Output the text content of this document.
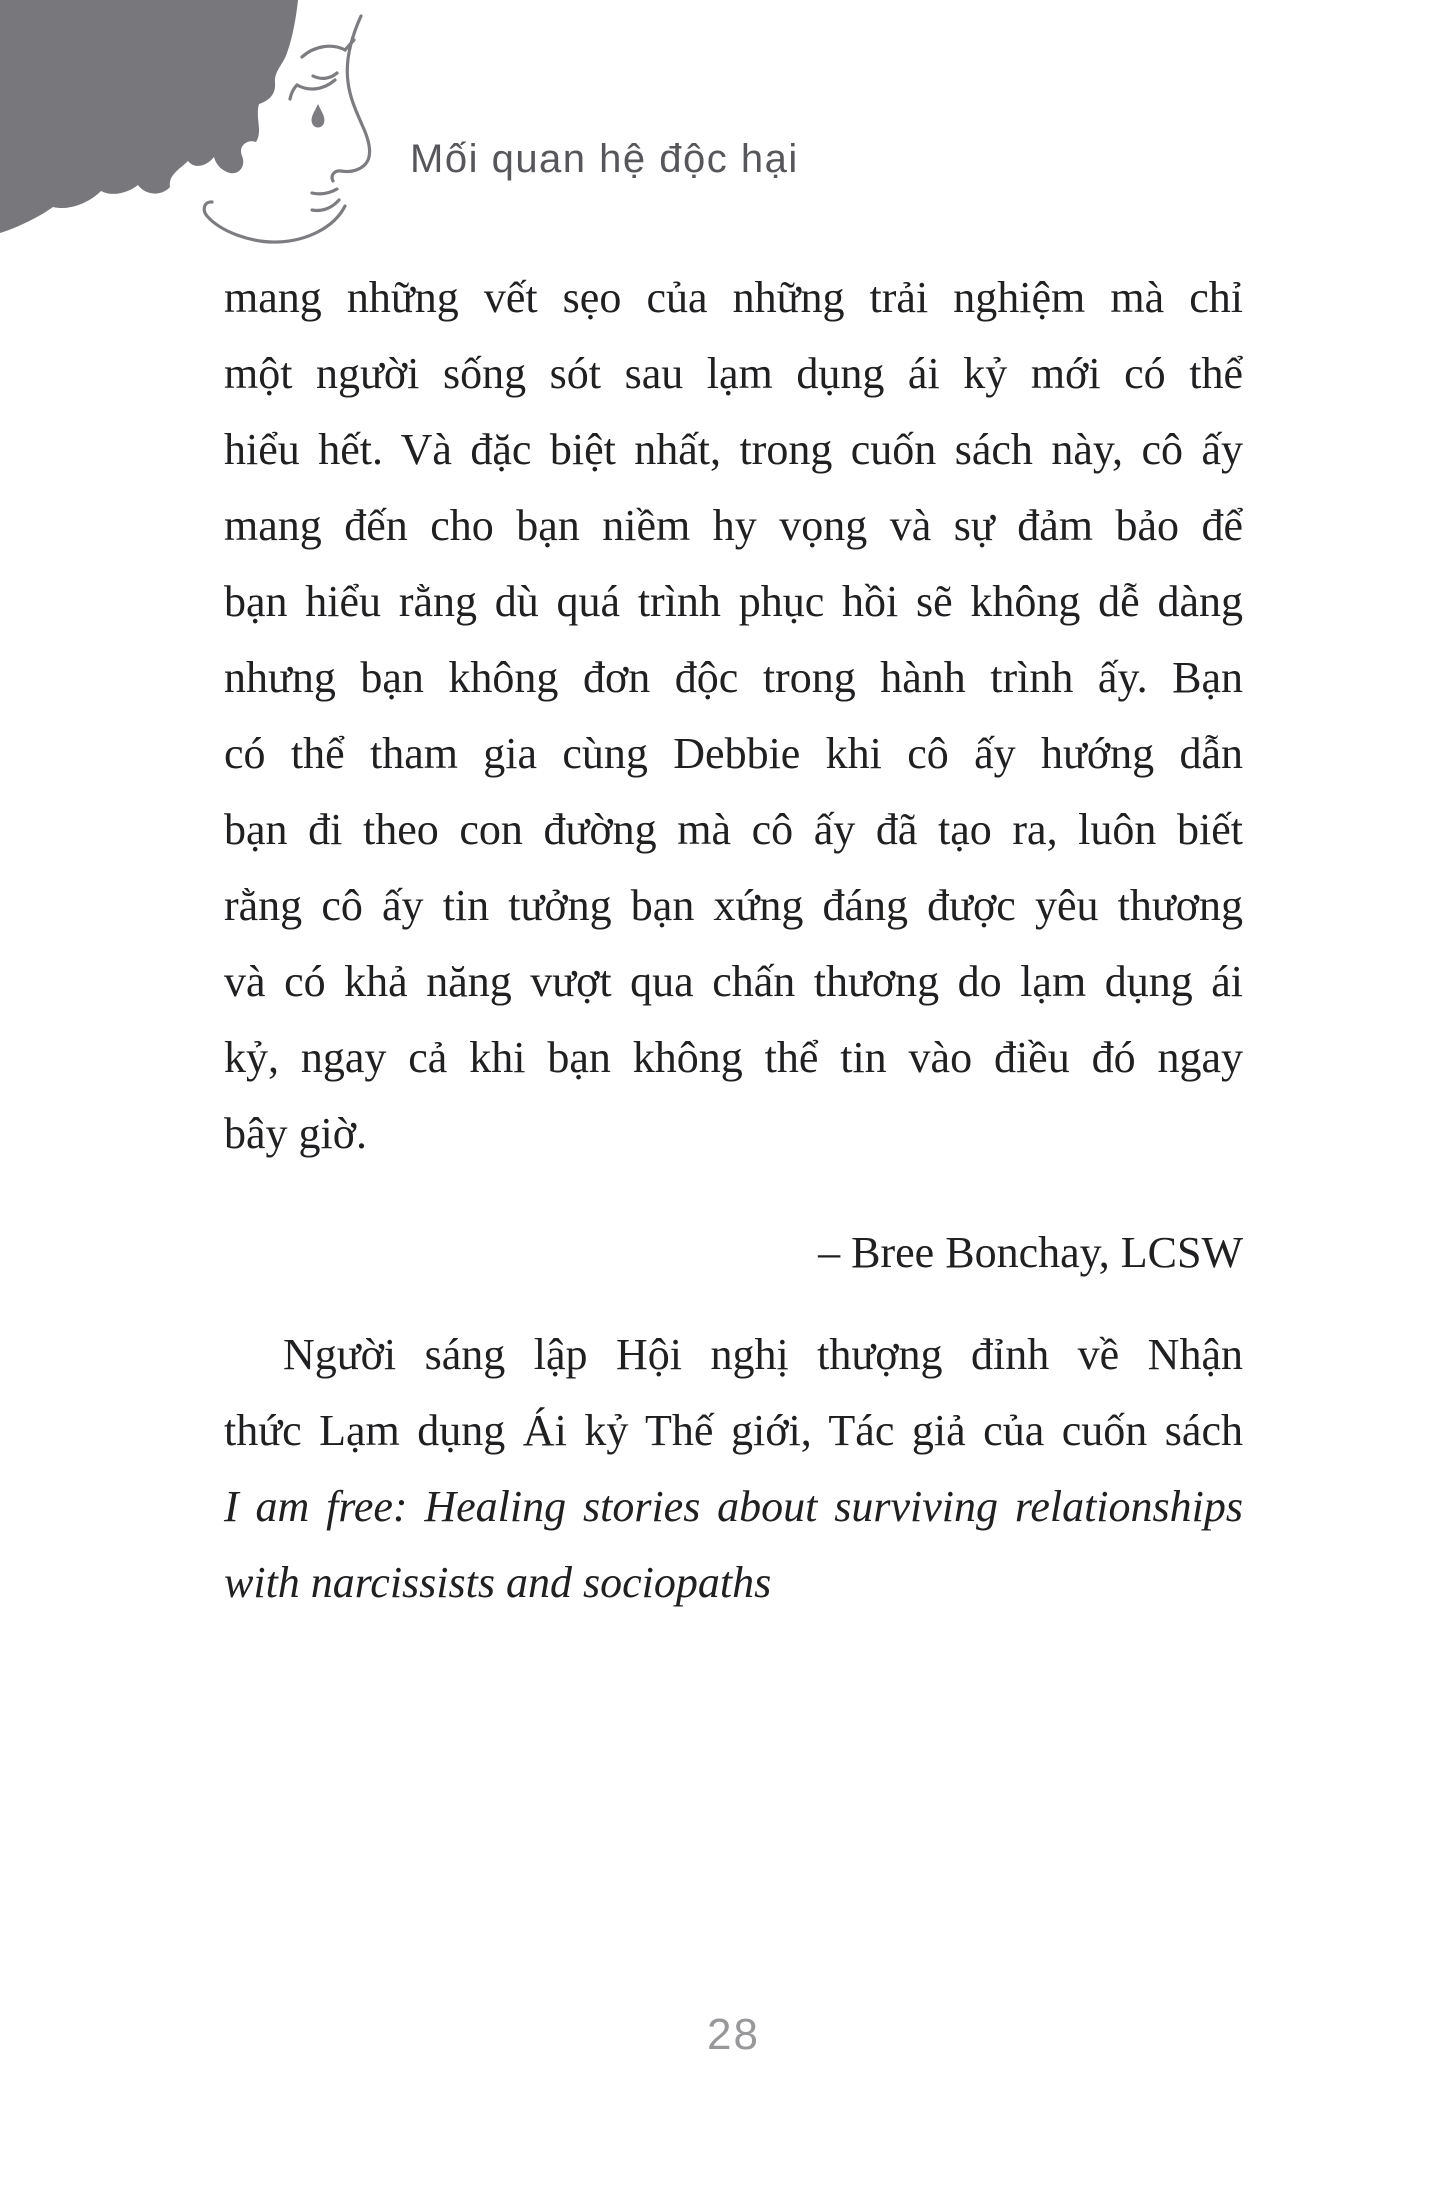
Mối quan hệ độc hại
mang những vết sẹo của những trải nghiệm mà chỉ
một người sống sót sau lạm dụng ái kỷ mới có thể
hiểu hết. Và đặc biệt nhất, trong cuốn sách này, cô ấy
mang đến cho bạn niềm hy vọng và sự đảm bảo để
bạn hiểu rằng dù quá trình phục hồi sẽ không dễ dàng
nhưng bạn không đơn độc trong hành trình ấy. Bạn
có thể tham gia cùng Debbie khi cô ấy hướng dẫn
bạn đi theo con đường mà cô ấy đã tạo ra, luôn biết
rằng cô ấy tin tưởng bạn xứng đáng được yêu thương
và có khả năng vượt qua chấn thương do lạm dụng ái
kỷ, ngay cả khi bạn không thể tin vào điều đó ngay
bây giờ.
– Bree Bonchay, LCSW
Người sáng lập Hội nghị thượng đỉnh về Nhận
thức Lạm dụng Ái kỷ Thế giới, Tác giả của cuốn sách
I am free: Healing stories about surviving relationships
with narcissists and sociopaths
28
